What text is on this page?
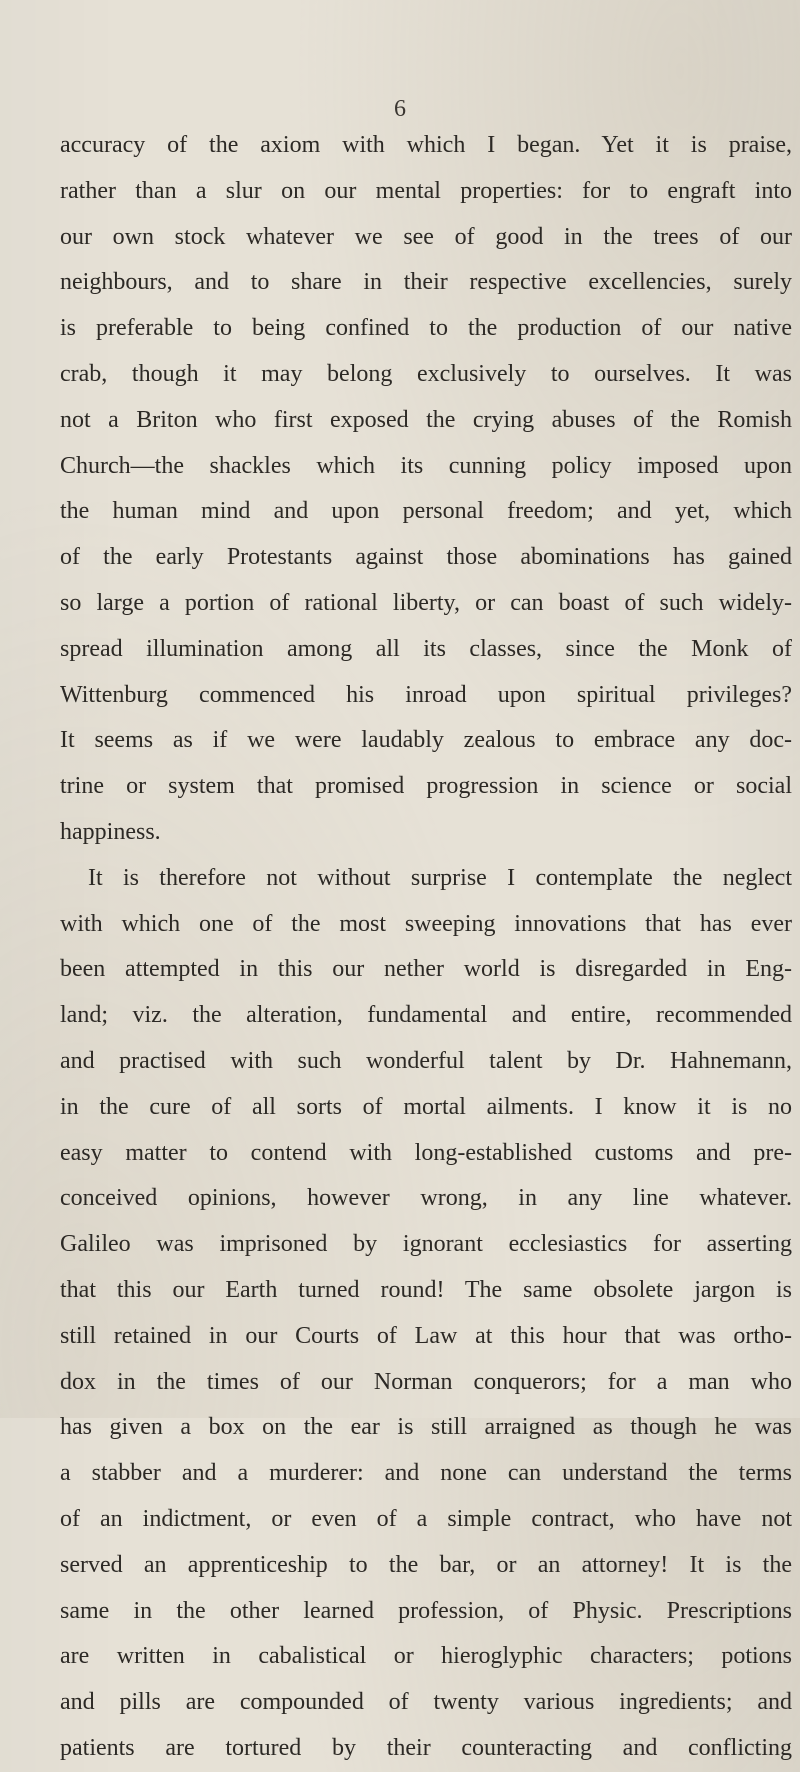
6
accuracy of the axiom with which I began. Yet it is praise,
rather than a slur on our mental properties: for to engraft into
our own stock whatever we see of good in the trees of our
neighbours, and to share in their respective excellencies, surely
is preferable to being confined to the production of our native
crab, though it may belong exclusively to ourselves. It was
not a Briton who first exposed the crying abuses of the Romish
Church—the shackles which its cunning policy imposed upon
the human mind and upon personal freedom; and yet, which
of the early Protestants against those abominations has gained
so large a portion of rational liberty, or can boast of such widely-
spread illumination among all its classes, since the Monk of
Wittenburg commenced his inroad upon spiritual privileges?
It seems as if we were laudably zealous to embrace any doc-
trine or system that promised progression in science or social
happiness.
It is therefore not without surprise I contemplate the neglect
with which one of the most sweeping innovations that has ever
been attempted in this our nether world is disregarded in Eng-
land; viz. the alteration, fundamental and entire, recommended
and practised with such wonderful talent by Dr. Hahnemann,
in the cure of all sorts of mortal ailments. I know it is no
easy matter to contend with long-established customs and pre-
conceived opinions, however wrong, in any line whatever.
Galileo was imprisoned by ignorant ecclesiastics for asserting
that this our Earth turned round! The same obsolete jargon is
still retained in our Courts of Law at this hour that was ortho-
dox in the times of our Norman conquerors; for a man who
has given a box on the ear is still arraigned as though he was
a stabber and a murderer: and none can understand the terms
of an indictment, or even of a simple contract, who have not
served an apprenticeship to the bar, or an attorney! It is the
same in the other learned profession, of Physic. Prescriptions
are written in cabalistical or hieroglyphic characters; potions
and pills are compounded of twenty various ingredients; and
patients are tortured by their counteracting and conflicting
